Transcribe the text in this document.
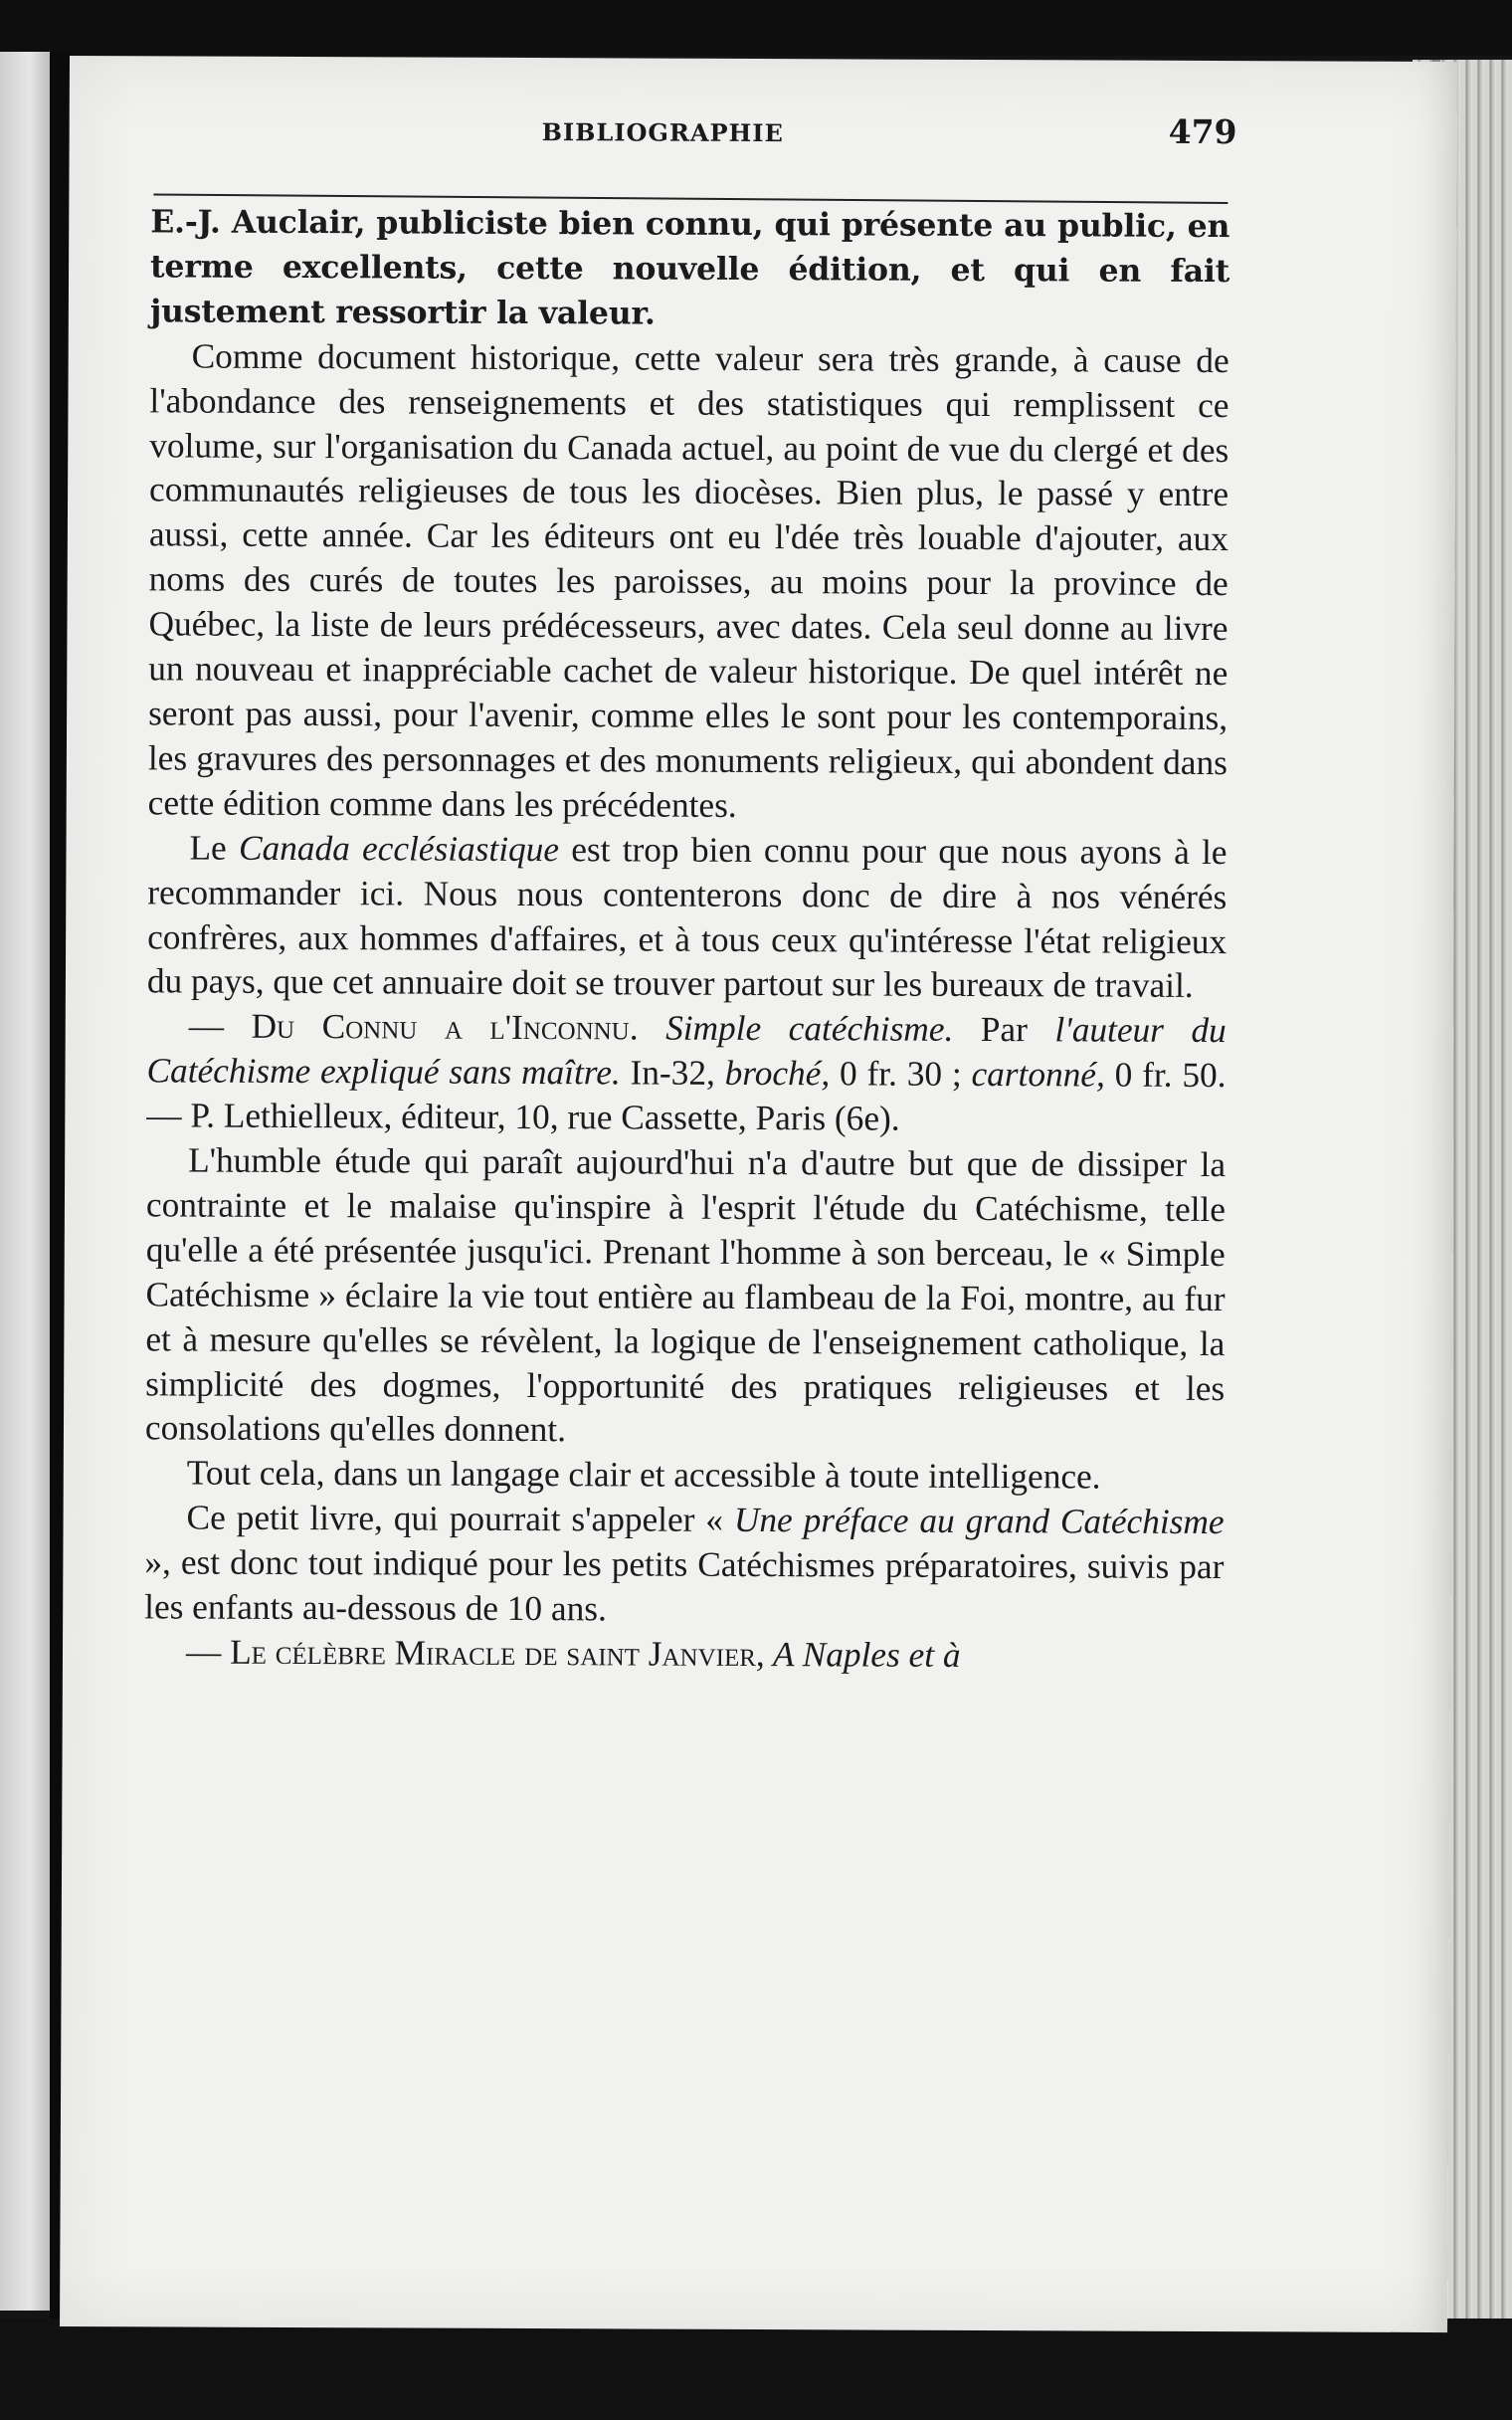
BIBLIOGRAPHIE	479

E.-J. Auclair, publiciste bien connu, qui présente au public, en terme excellents, cette nouvelle édition, et qui en fait justement ressortir la valeur.

Comme document historique, cette valeur sera très grande, à cause de l'abondance des renseignements et des statistiques qui remplissent ce volume, sur l'organisation du Canada actuel, au point de vue du clergé et des communautés religieuses de tous les diocèses. Bien plus, le passé y entre aussi, cette année. Car les éditeurs ont eu l'dée très louable d'ajouter, aux noms des curés de toutes les paroisses, au moins pour la province de Québec, la liste de leurs prédécesseurs, avec dates. Cela seul donne au livre un nouveau et inappréciable cachet de valeur historique. De quel intérêt ne seront pas aussi, pour l'avenir, comme elles le sont pour les contemporains, les gravures des personnages et des monuments religieux, qui abondent dans cette édition comme dans les précédentes.

Le Canada ecclésiastique est trop bien connu pour que nous ayons à le recommander ici. Nous nous contenterons donc de dire à nos vénérés confrères, aux hommes d'affaires, et à tous ceux qu'intéresse l'état religieux du pays, que cet annuaire doit se trouver partout sur les bureaux de travail.

— Du Connu a l'Inconnu. Simple catéchisme. Par l'auteur du Catéchisme expliqué sans maître. In-32, broché, 0 fr. 30 ; cartonné, 0 fr. 50. — P. Lethielleux, éditeur, 10, rue Cassette, Paris (6e).

L'humble étude qui paraît aujourd'hui n'a d'autre but que de dissiper la contrainte et le malaise qu'inspire à l'esprit l'étude du Catéchisme, telle qu'elle a été présentée jusqu'ici. Prenant l'homme à son berceau, le « Simple Catéchisme » éclaire la vie tout entière au flambeau de la Foi, montre, au fur et à mesure qu'elles se révèlent, la logique de l'enseignement catholique, la simplicité des dogmes, l'opportunité des pratiques religieuses et les consolations qu'elles donnent.

Tout cela, dans un langage clair et accessible à toute intelligence.

Ce petit livre, qui pourrait s'appeler « Une préface au grand Catéchisme », est donc tout indiqué pour les petits Catéchismes préparatoires, suivis par les enfants au-dessous de 10 ans.

— Le célèbre Miracle de saint Janvier, A Naples et à
